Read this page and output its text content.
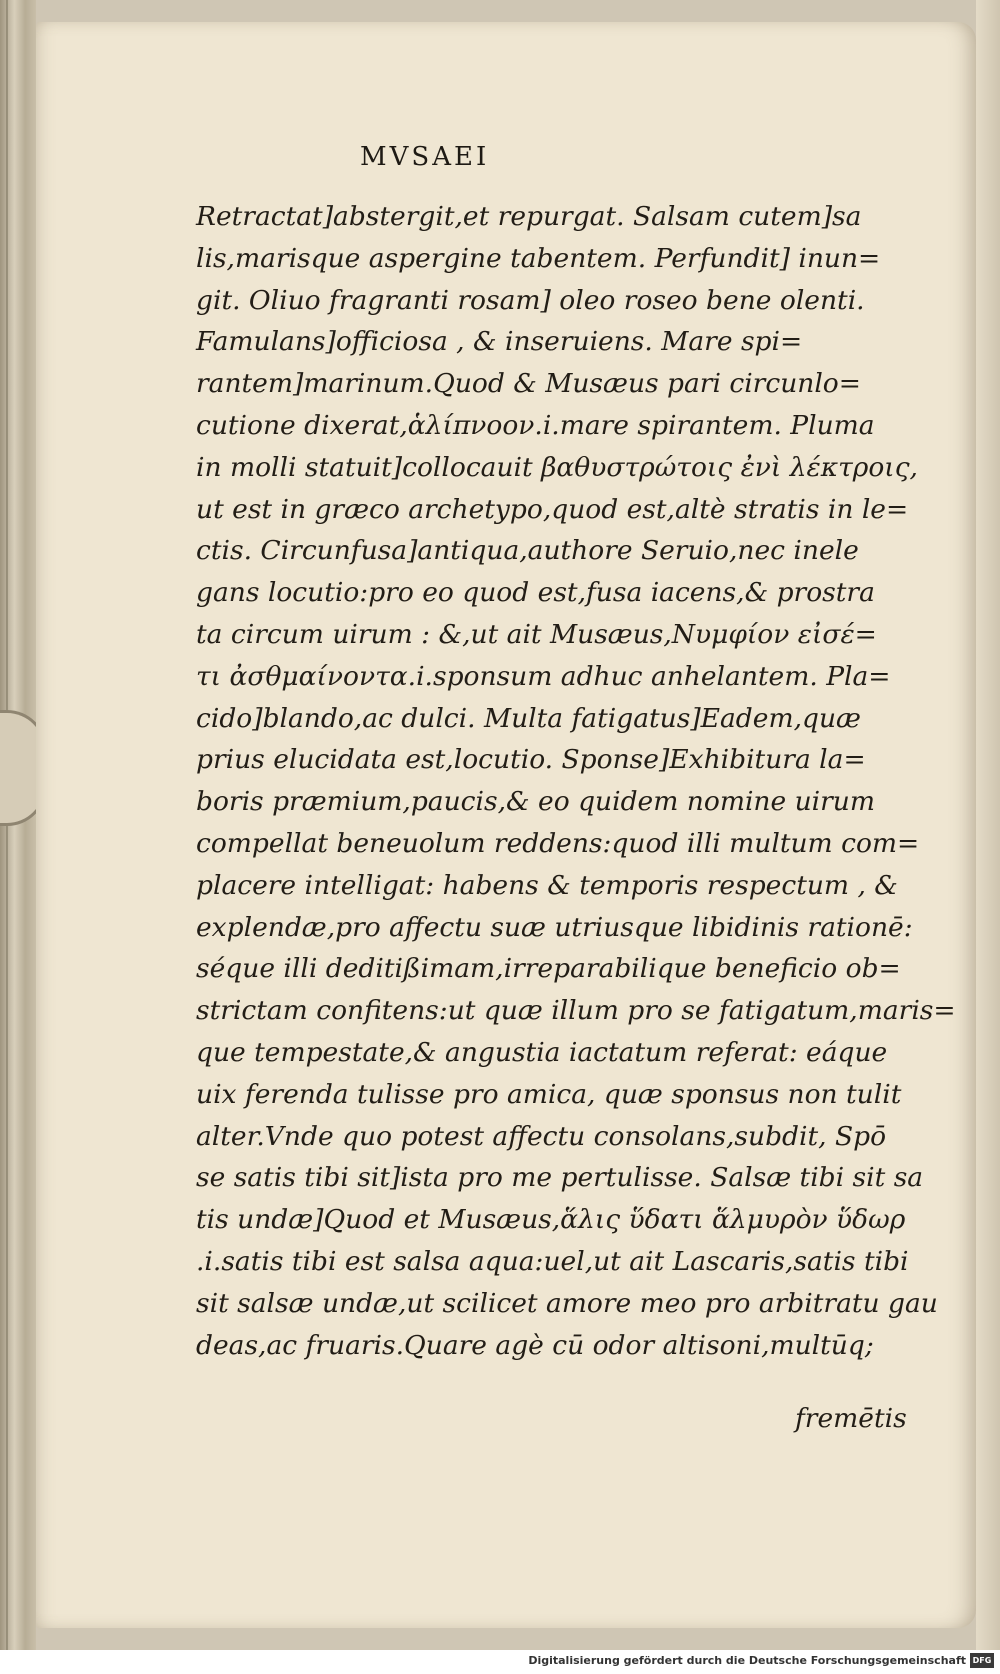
MVSAEI
Retractat]abstergit,et repurgat. Salsam cutem]sa
lis,marisque aspergine tabentem. Perfundit] inun=
git. Oliuo fragranti rosam] oleo roseo bene olenti.
Famulans]officiosa , & inseruiens. Mare spi=
rantem]marinum.Quod & Musæus pari circunlo=
cutione dixerat,ἁλίπνοον.i.mare spirantem. Pluma
in molli statuit]collocauit βαθυστρώτοις ἐνὶ λέκτροις,
ut est in græco archetypo,quod est,altè stratis in le=
ctis. Circunfusa]antiqua,authore Seruio,nec inele
gans locutio:pro eo quod est,fusa iacens,& prostra
ta circum uirum : &,ut ait Musæus,Νυμφίον εἰσέ=
τι ἀσθμαίνοντα.i.sponsum adhuc anhelantem. Pla=
cido]blando,ac dulci. Multa fatigatus]Eadem,quæ
prius elucidata est,locutio. Sponse]Exhibitura la=
boris præmium,paucis,& eo quidem nomine uirum
compellat beneuolum reddens:quod illi multum com=
placere intelligat: habens & temporis respectum , &
explendæ,pro affectu suæ utriusque libidinis rationē:
séque illi deditißimam,irreparabilique beneficio ob=
strictam confitens:ut quæ illum pro se fatigatum,maris=
que tempestate,& angustia iactatum referat: eáque
uix ferenda tulisse pro amica, quæ sponsus non tulit
alter.Vnde quo potest affectu consolans,subdit, Spō
se satis tibi sit]ista pro me pertulisse. Salsæ tibi sit sa
tis undæ]Quod et Musæus,ἅλις ὕδατι ἅλμυρὸν ὕδωρ
.i.satis tibi est salsa aqua:uel,ut ait Lascaris,satis tibi
sit salsæ undæ,ut scilicet amore meo pro arbitratu gau
deas,ac fruaris.Quare agè cū odor altisoni,multūq;
fremētis
Digitalisierung gefördert durch die Deutsche Forschungsgemeinschaft DFG
